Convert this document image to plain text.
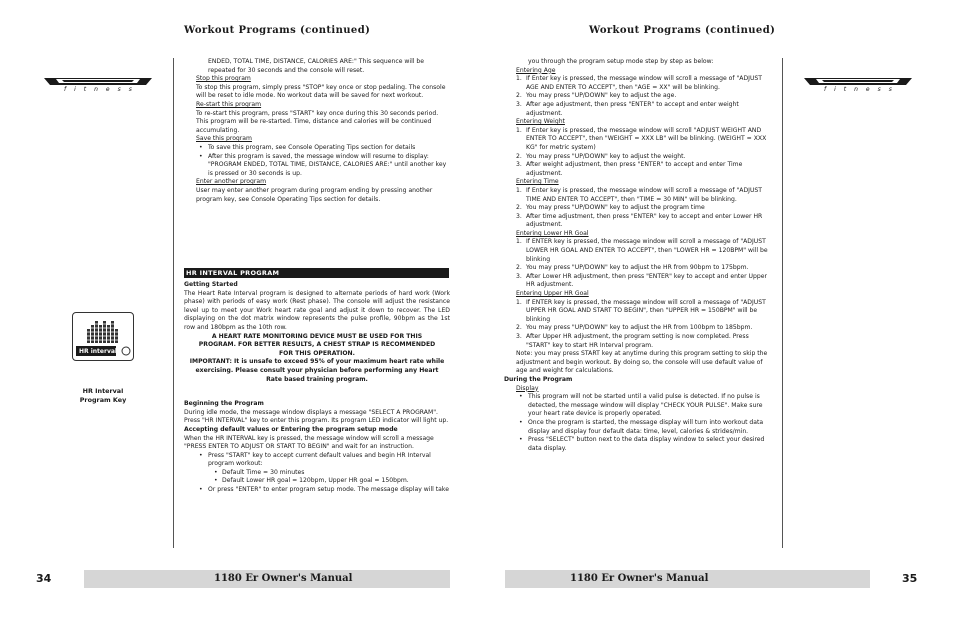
Workout Programs (continued)
fitness
HR interval
HR Interval Program Key

ENDED, TOTAL TIME, DISTANCE, CALORIES ARE:" This sequence will be repeated for 30 seconds and the console will reset.

Stop this program

To stop this program, simply press "STOP" key once or stop pedaling. The console will be reset to idle mode. No workout data will be saved for next workout.

Re-start this program

To re-start this program, press "START" key once during this 30 seconds period. This program will be re-started. Time, distance and calories will be continued accumulating.

Save this program

• To save this program, see Console Operating Tips section for details
• After this program is saved, the message window will resume to display: "PROGRAM ENDED, TOTAL TIME, DISTANCE, CALORIES ARE:" until another key is pressed or 30 seconds is up.

Enter another program

User may enter another program during program ending by pressing another program key, see Console Operating Tips section for details.

HR INTERVAL PROGRAM

Getting Started

The Heart Rate Interval program is designed to alternate periods of hard work (Work phase) with periods of easy work (Rest phase). The console will adjust the resistance level up to meet your Work heart rate goal and adjust it down to recover. The LED displaying on the dot matrix window represents the pulse profile, 90bpm as the 1st row and 180bpm as the 10th row.

A HEART RATE MONITORING DEVICE MUST BE USED FOR THIS PROGRAM. FOR BETTER RESULTS, A CHEST STRAP IS RECOMMENDED FOR THIS OPERATION.

IMPORTANT: It is unsafe to exceed 95% of your maximum heart rate while exercising. Please consult your physician before performing any Heart Rate based training program.

Beginning the Program

During idle mode, the message window displays a message "SELECT A PROGRAM". Press "HR INTERVAL" key to enter this program. Its program LED indicator will light up.

Accepting default values or Entering the program setup mode

When the HR INTERVAL key is pressed, the message window will scroll a message "PRESS ENTER TO ADJUST OR START TO BEGIN" and wait for an instruction.

• Press "START" key to accept current default values and begin HR Interval program workout:
• Default Time = 30 minutes
• Default Lower HR goal = 120bpm, Upper HR goal = 150bpm.
• Or press "ENTER" to enter program setup mode. The message display will take
34	1180 Er Owner's Manual
Workout Programs (continued)
fitness

you through the program setup mode step by step as below:

Entering Age

1. If Enter key is pressed, the message window will scroll a message of "ADJUST AGE AND ENTER TO ACCEPT", then "AGE = XX" will be blinking.
2. You may press "UP/DOWN" key to adjust the age.
3. After age adjustment, then press "ENTER" to accept and enter weight adjustment.

Entering Weight

1. If Enter key is pressed, the message window will scroll "ADJUST WEIGHT AND ENTER TO ACCEPT", then "WEIGHT = XXX LB" will be blinking. (WEIGHT = XXX KG" for metric system)
2. You may press "UP/DOWN" key to adjust the weight.
3. After weight adjustment, then press "ENTER" to accept and enter Time adjustment.

Entering Time

1. If Enter key is pressed, the message window will scroll a message of "ADJUST TIME AND ENTER TO ACCEPT", then "TIME = 30 MIN" will be blinking.
2. You may press "UP/DOWN" key to adjust the program time
3. After time adjustment, then press "ENTER" key to accept and enter Lower HR adjustment.

Entering Lower HR Goal

1. If ENTER key is pressed, the message window will scroll a message of "ADJUST LOWER HR GOAL AND ENTER TO ACCEPT", then "LOWER HR = 120BPM" will be blinking
2. You may press "UP/DOWN" key to adjust the HR from 90bpm to 175bpm.
3. After Lower HR adjustment, then press "ENTER" key to accept and enter Upper HR adjustment.

Entering Upper HR Goal

1. If ENTER key is pressed, the message window will scroll a message of "ADJUST UPPER HR GOAL AND START TO BEGIN", then "UPPER HR = 150BPM" will be blinking
2. You may press "UP/DOWN" key to adjust the HR from 100bpm to 185bpm.
3. After Upper HR adjustment, the program setting is now completed. Press "START" key to start HR Interval program.

Note: you may press START key at anytime during this program setting to skip the adjustment and begin workout. By doing so, the console will use default value of age and weight for calculations.

During the Program

Display

• This program will not be started until a valid pulse is detected. If no pulse is detected, the message window will display "CHECK YOUR PULSE". Make sure your heart rate device is properly operated.
• Once the program is started, the message display will turn into workout data display and display four default data: time, level, calories & strides/min.
• Press "SELECT" button next to the data display window to select your desired data display.
1180 Er Owner's Manual	35
